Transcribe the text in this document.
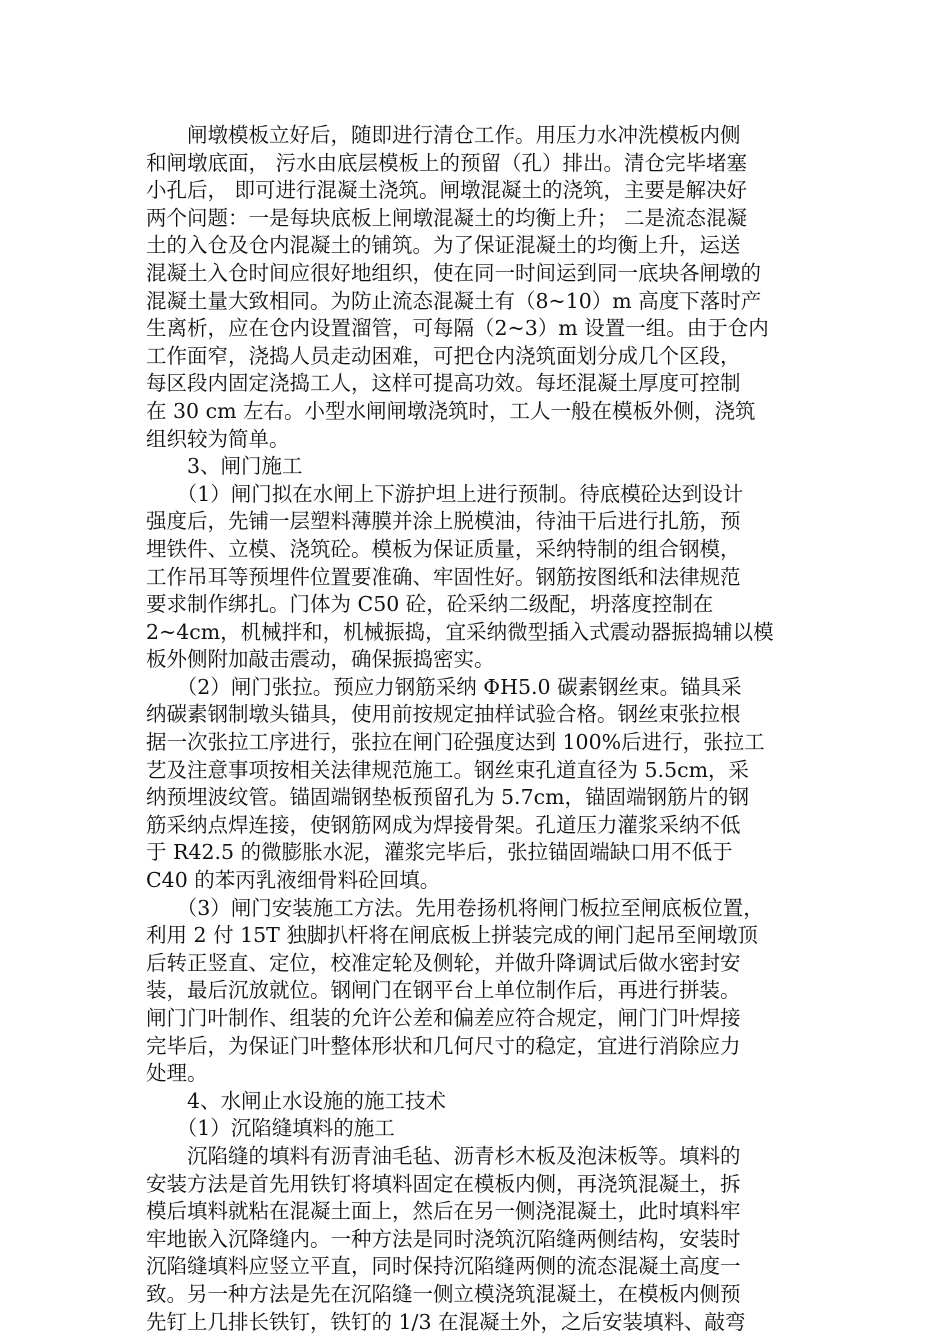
　　闸墩模板立好后，随即进行清仓工作。用压力水冲洗模板内侧
和闸墩底面， 污水由底层模板上的预留（孔）排出。清仓完毕堵塞
小孔后， 即可进行混凝土浇筑。闸墩混凝土的浇筑，主要是解决好
两个问题：一是每块底板上闸墩混凝土的均衡上升； 二是流态混凝
土的入仓及仓内混凝土的铺筑。为了保证混凝土的均衡上升，运送
混凝土入仓时间应很好地组织，使在同一时间运到同一底块各闸墩的
混凝土量大致相同。为防止流态混凝土有（8~10）m 高度下落时产
生离析，应在仓内设置溜管，可每隔（2~3）m 设置一组。由于仓内
工作面窄，浇捣人员走动困难，可把仓内浇筑面划分成几个区段，
每区段内固定浇捣工人，这样可提高功效。每坯混凝土厚度可控制
在 30 cm 左右。小型水闸闸墩浇筑时，工人一般在模板外侧，浇筑
组织较为简单。
　　3、闸门施工
　　（1）闸门拟在水闸上下游护坦上进行预制。待底模砼达到设计
强度后，先铺一层塑料薄膜并涂上脱模油，待油干后进行扎筋，预
埋铁件、立模、浇筑砼。模板为保证质量，采纳特制的组合钢模，
工作吊耳等预埋件位置要准确、牢固性好。钢筋按图纸和法律规范
要求制作绑扎。门体为 C50 砼，砼采纳二级配，坍落度控制在
2~4cm，机械拌和，机械振捣，宜采纳微型插入式震动器振捣辅以模
板外侧附加敲击震动，确保振捣密实。
　　（2）闸门张拉。预应力钢筋采纳 ΦH5.0 碳素钢丝束。锚具采
纳碳素钢制墩头锚具，使用前按规定抽样试验合格。钢丝束张拉根
据一次张拉工序进行，张拉在闸门砼强度达到 100%后进行，张拉工
艺及注意事项按相关法律规范施工。钢丝束孔道直径为 5.5cm，采
纳预埋波纹管。锚固端钢垫板预留孔为 5.7cm，锚固端钢筋片的钢
筋采纳点焊连接，使钢筋网成为焊接骨架。孔道压力灌浆采纳不低
于 R42.5 的微膨胀水泥，灌浆完毕后，张拉锚固端缺口用不低于
C40 的苯丙乳液细骨料砼回填。
　　（3）闸门安装施工方法。先用卷扬机将闸门板拉至闸底板位置，
利用 2 付 15T 独脚扒杆将在闸底板上拼装完成的闸门起吊至闸墩顶
后转正竖直、定位，校准定轮及侧轮，并做升降调试后做水密封安
装，最后沉放就位。钢闸门在钢平台上单位制作后，再进行拼装。
闸门门叶制作、组装的允许公差和偏差应符合规定，闸门门叶焊接
完毕后，为保证门叶整体形状和几何尺寸的稳定，宜进行消除应力
处理。
　　4、水闸止水设施的施工技术
　　（1）沉陷缝填料的施工
　　沉陷缝的填料有沥青油毛毡、沥青杉木板及泡沫板等。填料的
安装方法是首先用铁钉将填料固定在模板内侧，再浇筑混凝土，拆
模后填料就粘在混凝土面上，然后在另一侧浇混凝土，此时填料牢
牢地嵌入沉降缝内。一种方法是同时浇筑沉陷缝两侧结构，安装时
沉陷缝填料应竖立平直，同时保持沉陷缝两侧的流态混凝土高度一
致。另一种方法是先在沉陷缝一侧立模浇筑混凝土，在模板内侧预
先钉上几排长铁钉，铁钉的 1/3 在混凝土外，之后安装填料、敲弯
